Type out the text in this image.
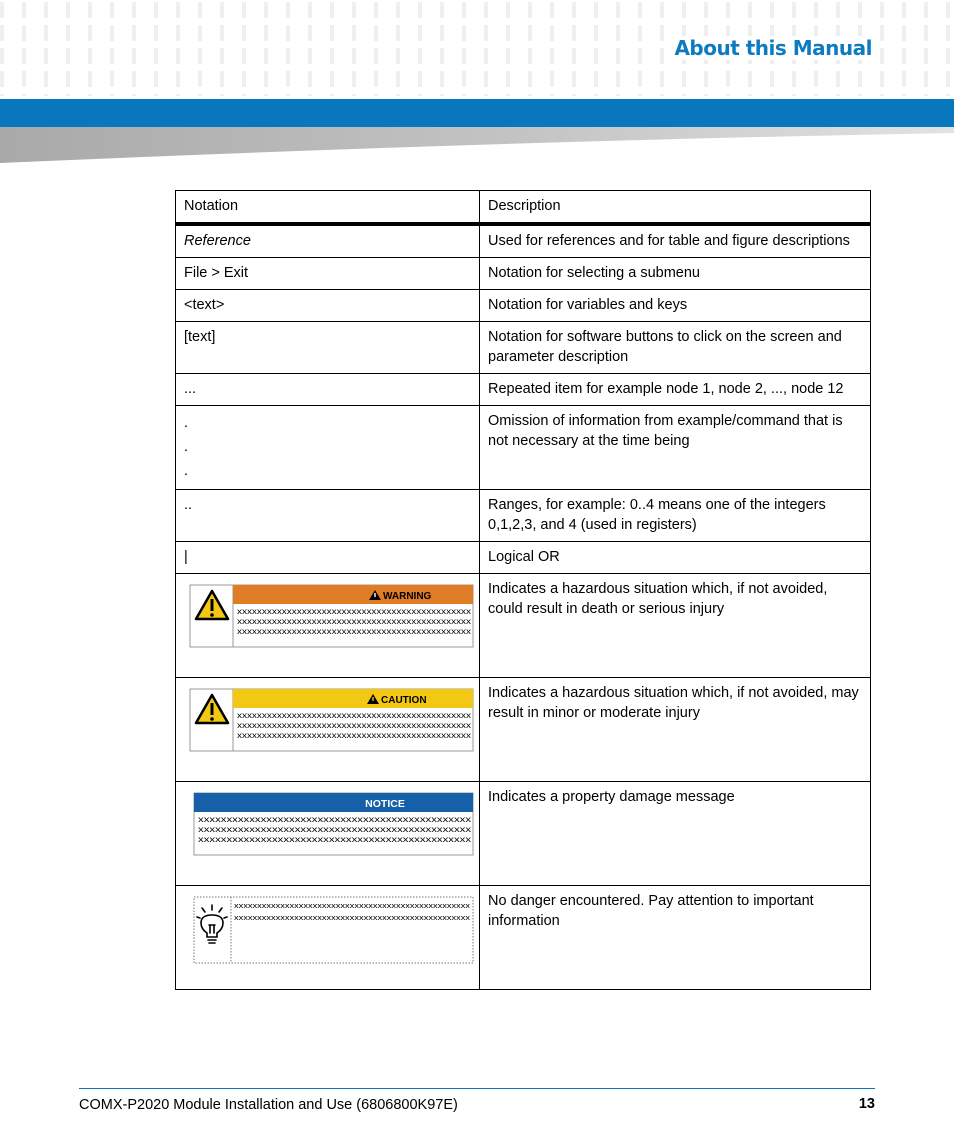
About this Manual
Notation	Description
Reference	Used for references and for table and figure descriptions
File > Exit	Notation for selecting a submenu
<text>	Notation for variables and keys
[text]	Notation for software buttons to click on the screen and parameter description
...	Repeated item for example node 1, node 2, ..., node 12

.
.
.	Omission of information from example/command that is not necessary at the time being
..	Ranges, for example: 0..4 means one of the integers 0,1,2,3, and 4 (used in registers)
|	Logical OR

WARNING
xxxxxxxxxxxxxxxxxxxxxxxxxxxxxxxxxxxxxxxxxxxxxxx
xxxxxxxxxxxxxxxxxxxxxxxxxxxxxxxxxxxxxxxxxxxxxxx
xxxxxxxxxxxxxxxxxxxxxxxxxxxxxxxxxxxxxxxxxxxxxxx	Indicates a hazardous situation which, if not avoided, could result in death or serious injury

CAUTION
xxxxxxxxxxxxxxxxxxxxxxxxxxxxxxxxxxxxxxxxxxxxxxx
xxxxxxxxxxxxxxxxxxxxxxxxxxxxxxxxxxxxxxxxxxxxxxx
xxxxxxxxxxxxxxxxxxxxxxxxxxxxxxxxxxxxxxxxxxxxxxx	Indicates a hazardous situation which, if not avoided, may result in minor or moderate injury

NOTICE
xxxxxxxxxxxxxxxxxxxxxxxxxxxxxxxxxxxxxxxxxxxxxxxx
xxxxxxxxxxxxxxxxxxxxxxxxxxxxxxxxxxxxxxxxxxxxxxxx
xxxxxxxxxxxxxxxxxxxxxxxxxxxxxxxxxxxxxxxxxxxxxxxx	Indicates a property damage message

xxxxxxxxxxxxxxxxxxxxxxxxxxxxxxxxxxxxxxxxxxxxxxxxxxx
xxxxxxxxxxxxxxxxxxxxxxxxxxxxxxxxxxxxxxxxxxxxxxxxxxx	No danger encountered. Pay attention to important information
COMX-P2020 Module Installation and Use (6806800K97E)	13
